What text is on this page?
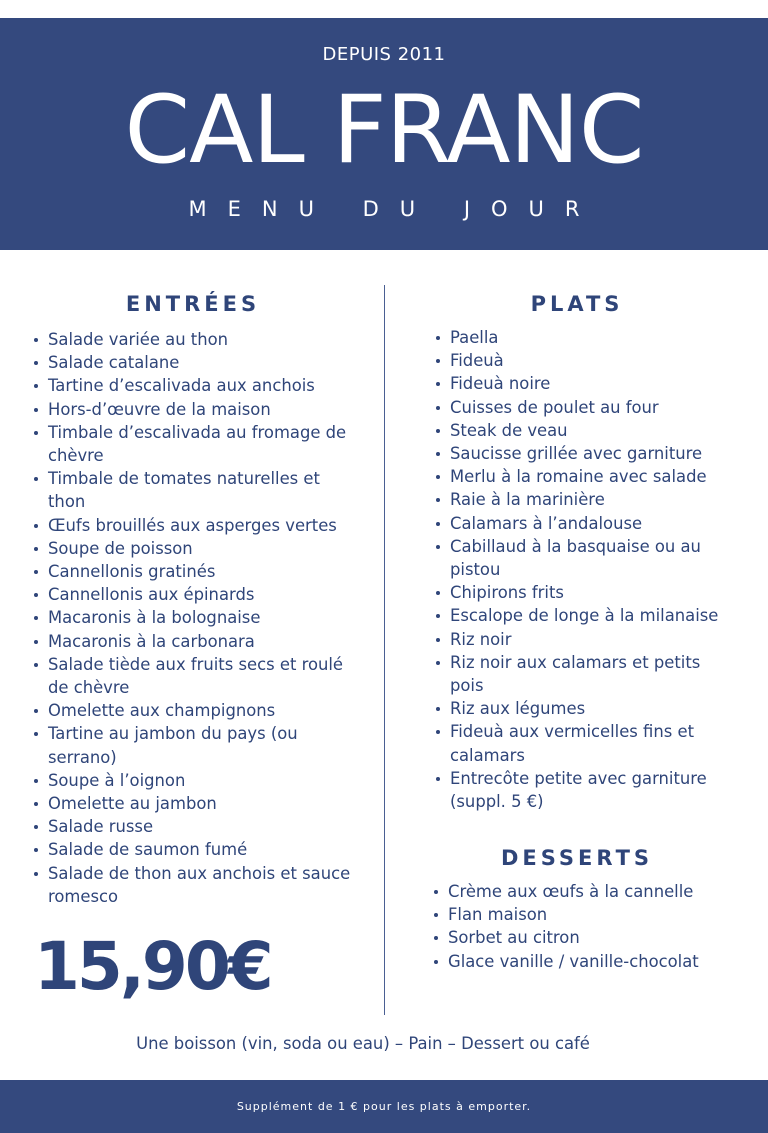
DEPUIS 2011
CAL FRANC
MENU DU JOUR
ENTRÉES
Salade variée au thon
Salade catalane
Tartine d’escalivada aux anchois
Hors-d’œuvre de la maison
Timbale d’escalivada au fromage de chèvre
Timbale de tomates naturelles et thon
Œufs brouillés aux asperges vertes
Soupe de poisson
Cannellonis gratinés
Cannellonis aux épinards
Macaronis à la bolognaise
Macaronis à la carbonara
Salade tiède aux fruits secs et roulé de chèvre
Omelette aux champignons
Tartine au jambon du pays (ou serrano)
Soupe à l’oignon
Omelette au jambon
Salade russe
Salade de saumon fumé
Salade de thon aux anchois et sauce romesco
PLATS
Paella
Fideuà
Fideuà noire
Cuisses de poulet au four
Steak de veau
Saucisse grillée avec garniture
Merlu à la romaine avec salade
Raie à la marinière
Calamars à l’andalouse
Cabillaud à la basquaise ou au pistou
Chipirons frits
Escalope de longe à la milanaise
Riz noir
Riz noir aux calamars et petits pois
Riz aux légumes
Fideuà aux vermicelles fins et calamars
Entrecôte petite avec garniture (suppl. 5 €)
DESSERTS
Crème aux œufs à la cannelle
Flan maison
Sorbet au citron
Glace vanille / vanille-chocolat
15,90€
Une boisson (vin, soda ou eau) – Pain – Dessert ou café
Supplément de 1 € pour les plats à emporter.
